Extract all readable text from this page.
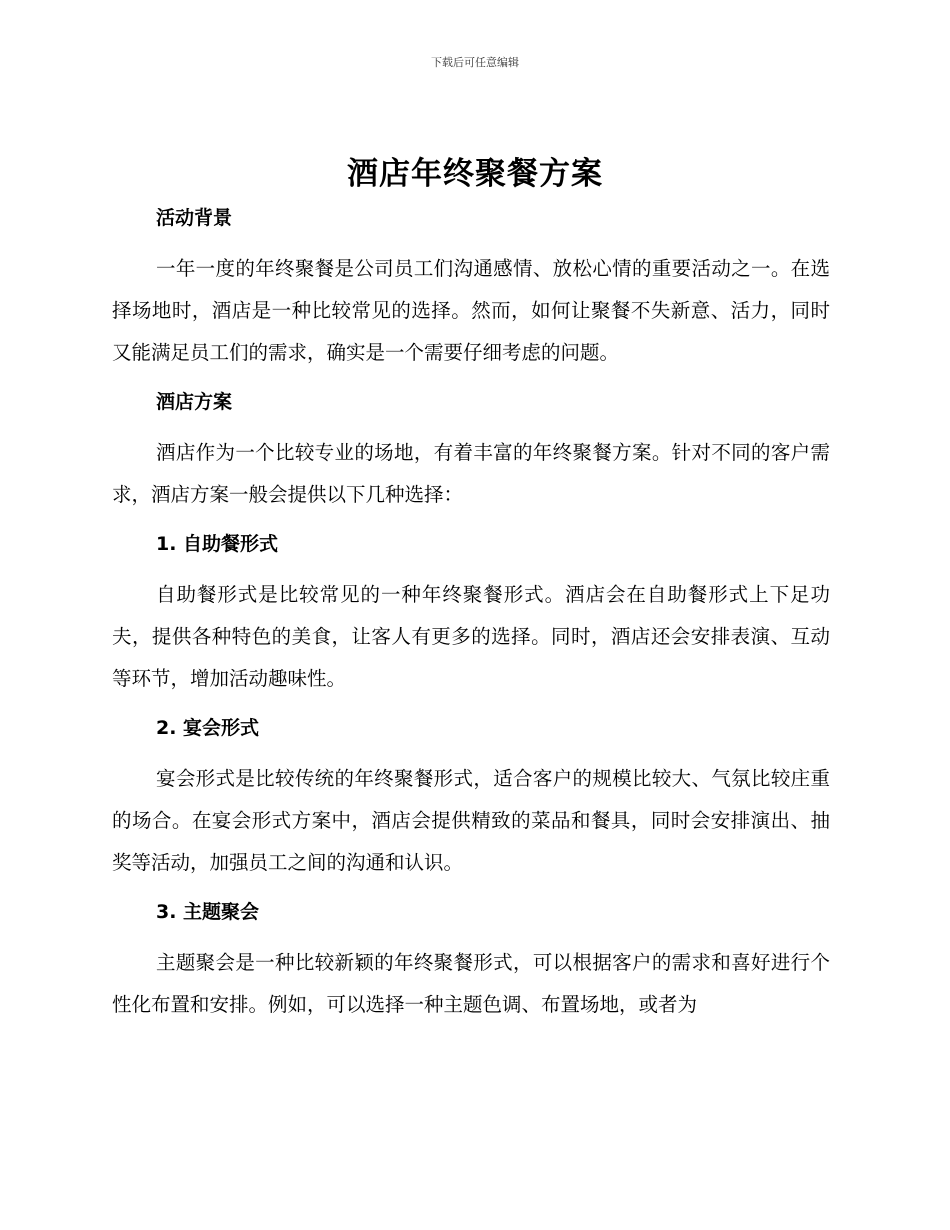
下载后可任意编辑
酒店年终聚餐方案
活动背景

一年一度的年终聚餐是公司员工们沟通感情、放松心情的重要活动之一。在选择场地时，酒店是一种比较常见的选择。然而，如何让聚餐不失新意、活力，同时又能满足员工们的需求，确实是一个需要仔细考虑的问题。

酒店方案

酒店作为一个比较专业的场地，有着丰富的年终聚餐方案。针对不同的客户需求，酒店方案一般会提供以下几种选择：

1. 自助餐形式

自助餐形式是比较常见的一种年终聚餐形式。酒店会在自助餐形式上下足功夫，提供各种特色的美食，让客人有更多的选择。同时，酒店还会安排表演、互动等环节，增加活动趣味性。

2. 宴会形式

宴会形式是比较传统的年终聚餐形式，适合客户的规模比较大、气氛比较庄重的场合。在宴会形式方案中，酒店会提供精致的菜品和餐具，同时会安排演出、抽奖等活动，加强员工之间的沟通和认识。

3. 主题聚会

主题聚会是一种比较新颖的年终聚餐形式，可以根据客户的需求和喜好进行个性化布置和安排。例如，可以选择一种主题色调、布置场地，或者为
